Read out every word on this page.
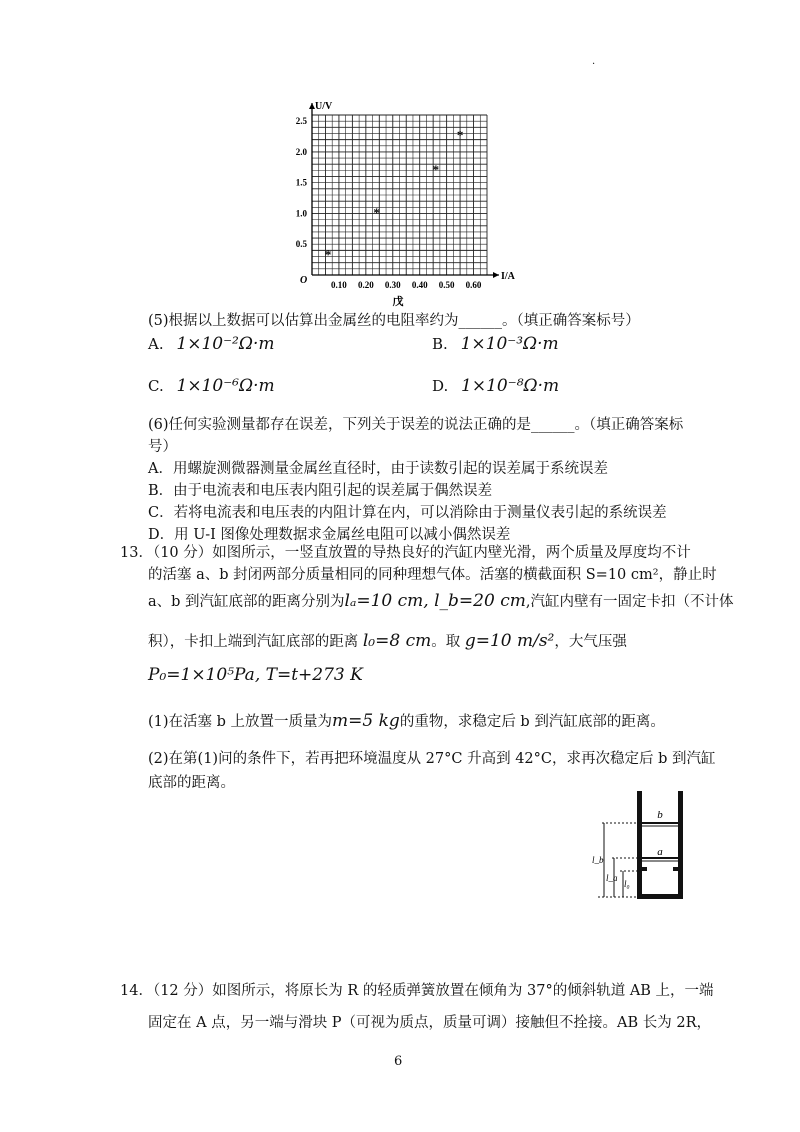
.
I/A
U/V
O	0.10 0.20 0.30 0.40 0.50 0.60
0.5
1.0
1.5
2.0
2.5
戊
*
*
*
*
(5)根据以上数据可以估算出金属丝的电阻率约为______。（填正确答案标号）
A. 1×10⁻²Ω·m	B. 1×10⁻³Ω·m
C. 1×10⁻⁶Ω·m	D. 1×10⁻⁸Ω·m
(6)任何实验测量都存在误差，下列关于误差的说法正确的是______。（填正确答案标
号）
A．用螺旋测微器测量金属丝直径时，由于读数引起的误差属于系统误差
B．由于电流表和电压表内阻引起的误差属于偶然误差
C．若将电流表和电压表的内阻计算在内，可以消除由于测量仪表引起的系统误差
D．用 U-I 图像处理数据求金属丝电阻可以减小偶然误差
13．（10 分）如图所示，一竖直放置的导热良好的汽缸内壁光滑，两个质量及厚度均不计
的活塞 a、b 封闭两部分质量相同的同种理想气体。活塞的横截面积 S=10 cm²，静止时
a、b 到汽缸底部的距离分别为lₐ=10 cm, l_b=20 cm,汽缸内壁有一固定卡扣（不计体
积），卡扣上端到汽缸底部的距离 l₀=8 cm。取 g=10 m/s²，大气压强
P₀=1×10⁵Pa, T=t+273 K
(1)在活塞 b 上放置一质量为m=5 kg的重物，求稳定后 b 到汽缸底部的距离。
(2)在第(1)问的条件下，若再把环境温度从 27°C 升高到 42°C，求再次稳定后 b 到汽缸
底部的距离。
b
a
l_b
l_a
l₀
14．（12 分）如图所示，将原长为 R 的轻质弹簧放置在倾角为 37°的倾斜轨道 AB 上，一端
固定在 A 点，另一端与滑块 P（可视为质点，质量可调）接触但不拴接。AB 长为 2R，
6
